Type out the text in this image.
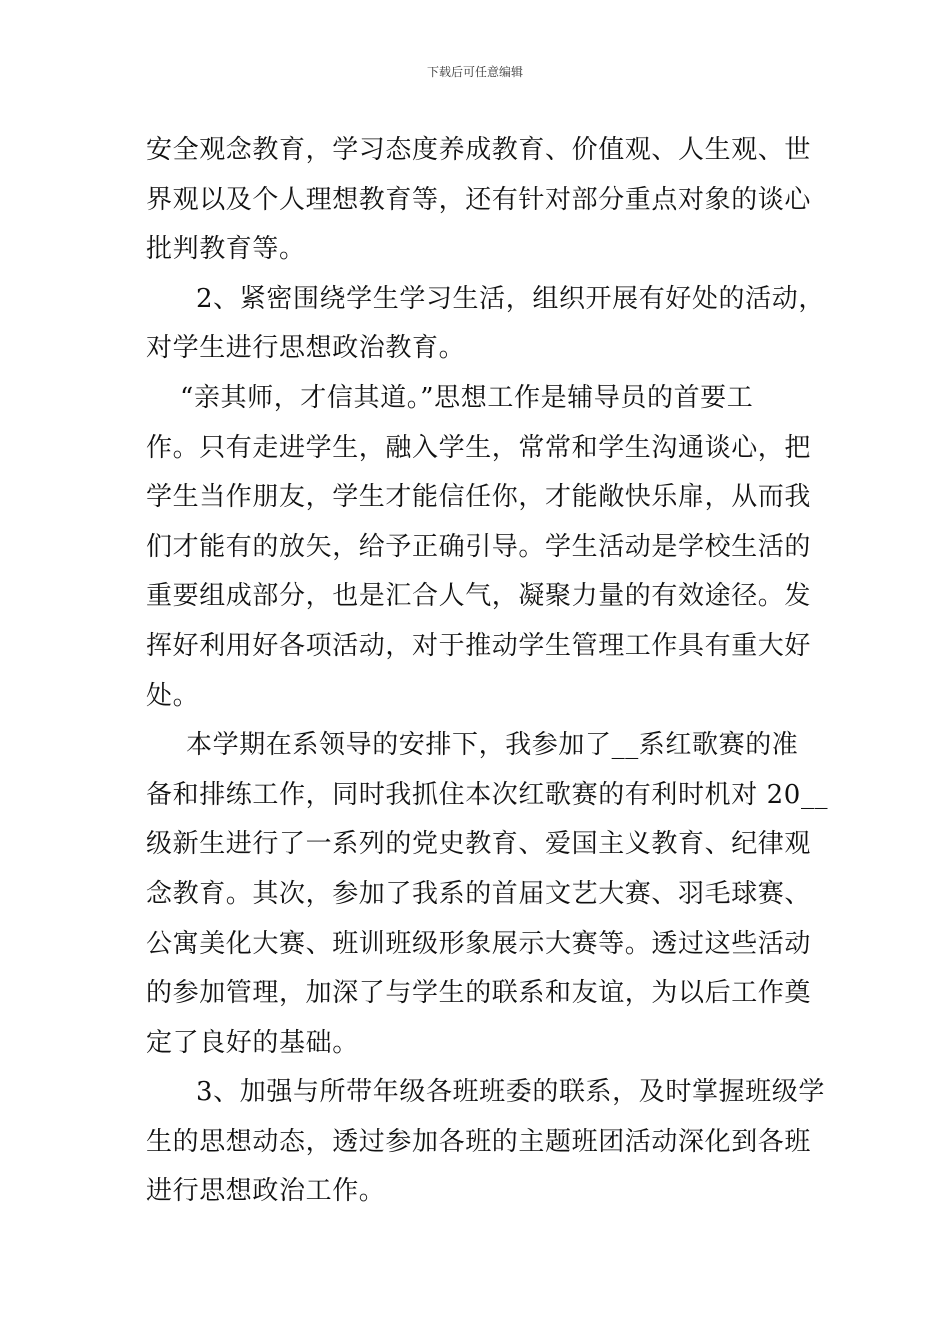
下载后可任意编辑
安全观念教育，学习态度养成教育、价值观、人生观、世
界观以及个人理想教育等，还有针对部分重点对象的谈心
批判教育等。
2、紧密围绕学生学习生活，组织开展有好处的活动，
对学生进行思想政治教育。
“亲其师，才信其道。”思想工作是辅导员的首要工
作。只有走进学生，融入学生，常常和学生沟通谈心，把
学生当作朋友，学生才能信任你，才能敞快乐扉，从而我
们才能有的放矢，给予正确引导。学生活动是学校生活的
重要组成部分，也是汇合人气，凝聚力量的有效途径。发
挥好利用好各项活动，对于推动学生管理工作具有重大好
处。
本学期在系领导的安排下，我参加了__系红歌赛的准
备和排练工作，同时我抓住本次红歌赛的有利时机对 20__
级新生进行了一系列的党史教育、爱国主义教育、纪律观
念教育。其次，参加了我系的首届文艺大赛、羽毛球赛、
公寓美化大赛、班训班级形象展示大赛等。透过这些活动
的参加管理，加深了与学生的联系和友谊，为以后工作奠
定了良好的基础。
3、加强与所带年级各班班委的联系，及时掌握班级学
生的思想动态，透过参加各班的主题班团活动深化到各班
进行思想政治工作。
